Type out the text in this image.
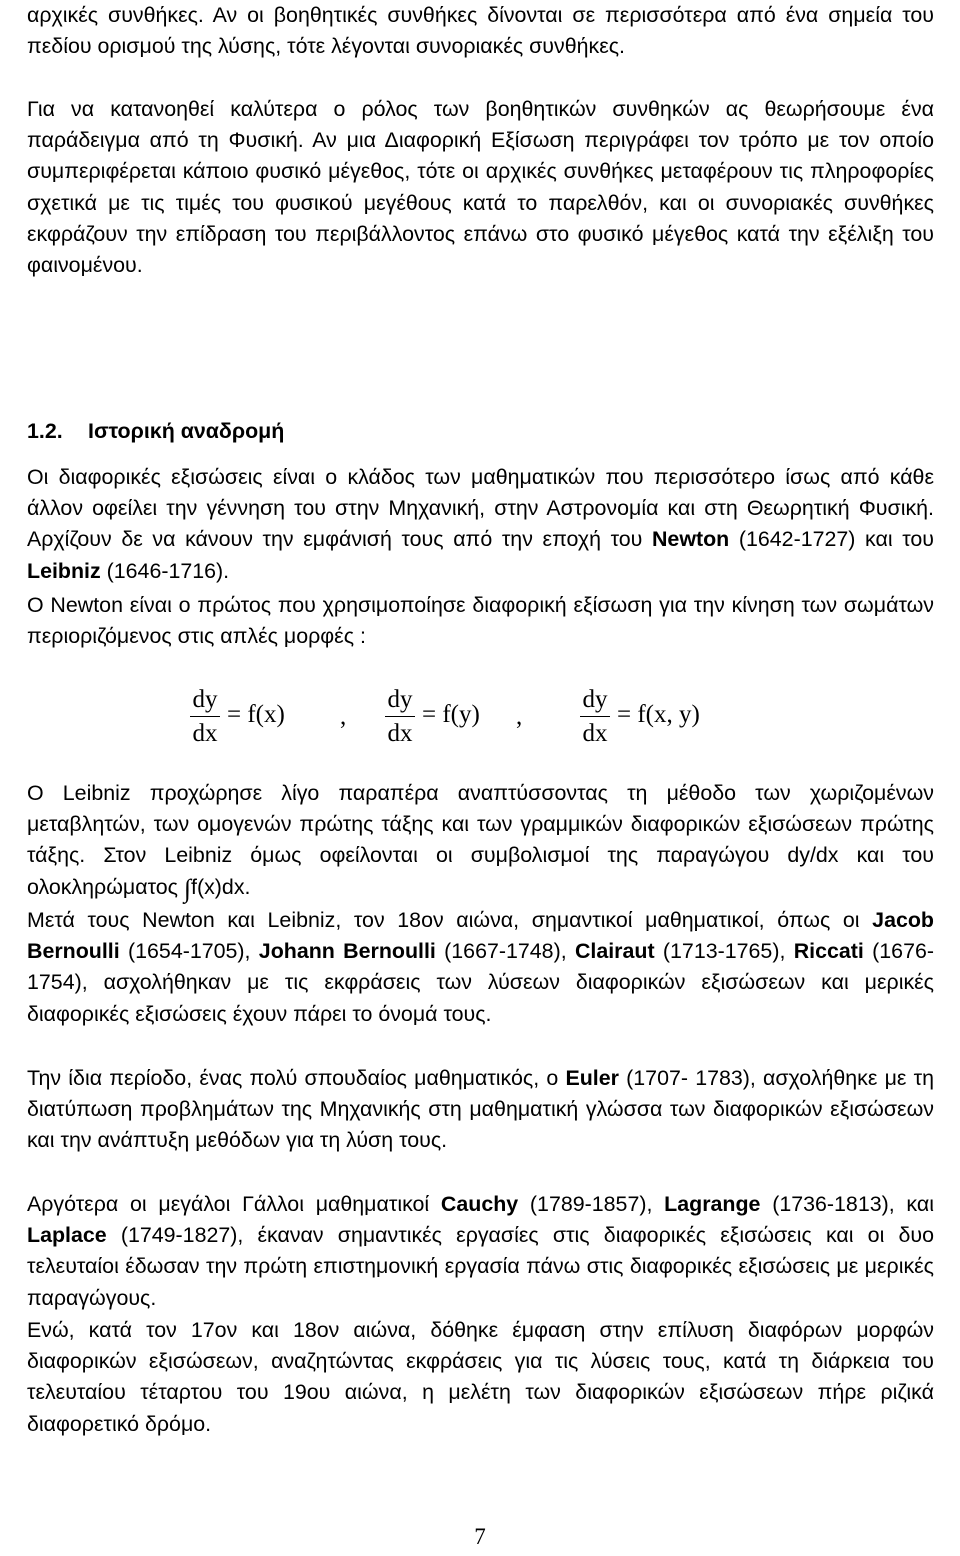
αρχικές συνθήκες. Αν οι βοηθητικές συνθήκες δίνονται σε περισσότερα από ένα σημεία του πεδίου ορισμού της λύσης, τότε λέγονται συνοριακές συνθήκες.

Για να κατανοηθεί καλύτερα ο ρόλος των βοηθητικών συνθηκών ας θεωρήσουμε ένα παράδειγμα από τη Φυσική. Αν μια Διαφορική Εξίσωση περιγράφει τον τρόπο με τον οποίο συμπεριφέρεται κάποιο φυσικό μέγεθος, τότε οι αρχικές συνθήκες μεταφέρουν τις πληροφορίες σχετικά με τις τιμές του φυσικού μεγέθους κατά το παρελθόν, και οι συνοριακές συνθήκες εκφράζουν την επίδραση του περιβάλλοντος επάνω στο φυσικό μέγεθος κατά την εξέλιξη του φαινομένου.

1.2. Ιστορική αναδρομή

Οι διαφορικές εξισώσεις είναι ο κλάδος των μαθηματικών που περισσότερο ίσως από κάθε άλλον οφείλει την γέννηση του στην Μηχανική, στην Αστρονομία και στη Θεωρητική Φυσική. Αρχίζουν δε να κάνουν την εμφάνισή τους από την εποχή του Newton (1642-1727) και του Leibniz (1646-1716).

Ο Newton είναι ο πρώτος που χρησιμοποίησε διαφορική εξίσωση για την κίνηση των σωμάτων περιοριζόμενος στις απλές μορφές :

dy
dx
= f(x) ,
dy
dx
= f(y) ,
dy
dx
= f(x, y)

Ο Leibniz προχώρησε λίγο παραπέρα αναπτύσσοντας τη μέθοδο των χωριζομένων μεταβλητών, των ομογενών πρώτης τάξης και των γραμμικών διαφορικών εξισώσεων πρώτης τάξης. Στον Leibniz όμως οφείλονται οι συμβολισμοί της παραγώγου dy/dx και του ολοκληρώματος ∫f(x)dx.

Μετά τους Newton και Leibniz, τον 18ον αιώνα, σημαντικοί μαθηματικοί, όπως οι Jacob Bernoulli (1654-1705), Johann Bernoulli (1667-1748), Clairaut (1713-1765), Riccati (1676-1754), ασχολήθηκαν με τις εκφράσεις των λύσεων διαφορικών εξισώσεων και μερικές διαφορικές εξισώσεις έχουν πάρει το όνομά τους.

Την ίδια περίοδο, ένας πολύ σπουδαίος μαθηματικός, ο Euler (1707- 1783), ασχολήθηκε με τη διατύπωση προβλημάτων της Μηχανικής στη μαθηματική γλώσσα των διαφορικών εξισώσεων και την ανάπτυξη μεθόδων για τη λύση τους.

Αργότερα οι μεγάλοι Γάλλοι μαθηματικοί Cauchy (1789-1857), Lagrange (1736-1813), και Laplace (1749-1827), έκαναν σημαντικές εργασίες στις διαφορικές εξισώσεις και οι δυο τελευταίοι έδωσαν την πρώτη επιστημονική εργασία πάνω στις διαφορικές εξισώσεις με μερικές παραγώγους.

Ενώ, κατά τον 17ον και 18ον αιώνα, δόθηκε έμφαση στην επίλυση διαφόρων μορφών διαφορικών εξισώσεων, αναζητώντας εκφράσεις για τις λύσεις τους, κατά τη διάρκεια του τελευταίου τέταρτου του 19ου αιώνα, η μελέτη των διαφορικών εξισώσεων πήρε ριζικά διαφορετικό δρόμο.

7
